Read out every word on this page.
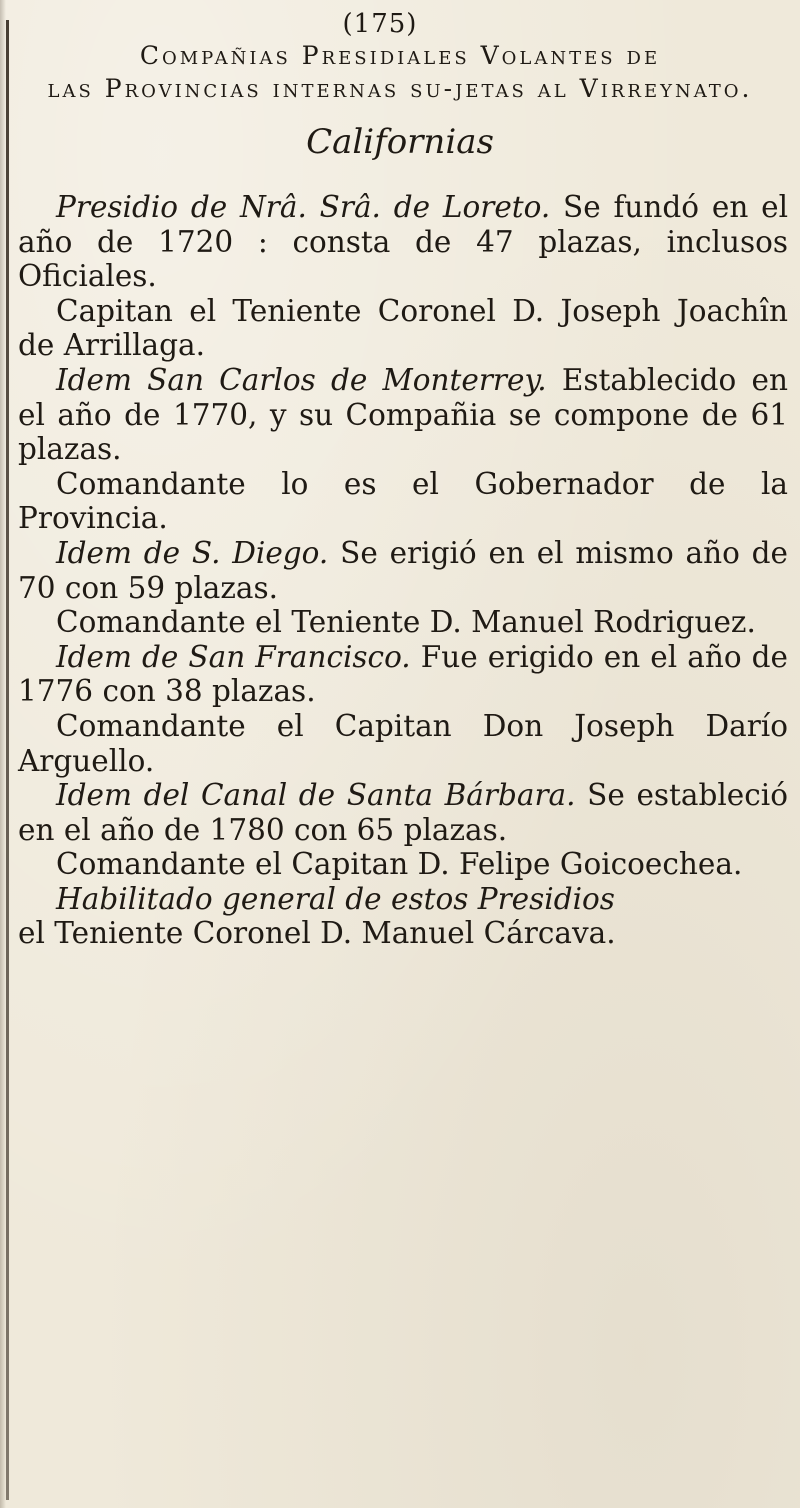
(175)
Compañias Presidiales Volantes de
las Provincias internas su-jetas al Virreynato.
Californias

Presidio de Nrâ. Srâ. de Loreto. Se fundó en el año de 1720 : consta de 47 plazas, inclusos Oficiales.

Capitan el Teniente Coronel D. Joseph Joachîn de Arrillaga.

Idem San Carlos de Monterrey. Establecido en el año de 1770, y su Compañia se compone de 61 plazas.

Comandante lo es el Gobernador de la Provincia.

Idem de S. Diego. Se erigió en el mismo año de 70 con 59 plazas.

Comandante el Teniente D. Manuel Rodriguez.

Idem de San Francisco. Fue erigido en el año de 1776 con 38 plazas.

Comandante el Capitan Don Joseph Darío Arguello.

Idem del Canal de Santa Bárbara. Se estableció en el año de 1780 con 65 plazas.

Comandante el Capitan D. Felipe Goicoechea.

Habilitado general de estos Presidios

el Teniente Coronel D. Manuel Cárcava.
